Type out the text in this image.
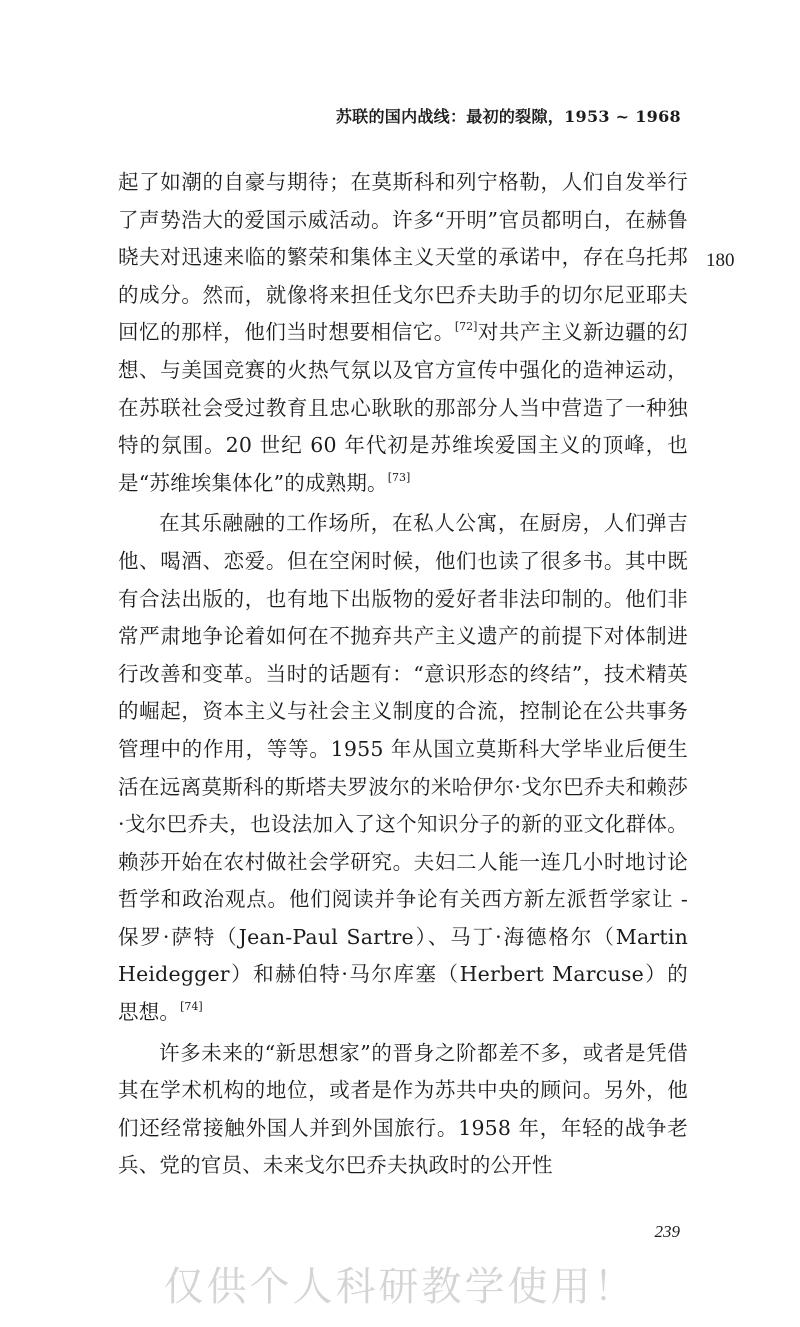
苏联的国内战线：最初的裂隙，1953 ~ 1968
180

起了如潮的自豪与期待；在莫斯科和列宁格勒，人们自发举行了声势浩大的爱国示威活动。许多“开明”官员都明白，在赫鲁晓夫对迅速来临的繁荣和集体主义天堂的承诺中，存在乌托邦的成分。然而，就像将来担任戈尔巴乔夫助手的切尔尼亚耶夫回忆的那样，他们当时想要相信它。[72]对共产主义新边疆的幻想、与美国竞赛的火热气氛以及官方宣传中强化的造神运动，在苏联社会受过教育且忠心耿耿的那部分人当中营造了一种独特的氛围。20 世纪 60 年代初是苏维埃爱国主义的顶峰，也是“苏维埃集体化”的成熟期。[73]

在其乐融融的工作场所，在私人公寓，在厨房，人们弹吉他、喝酒、恋爱。但在空闲时候，他们也读了很多书。其中既有合法出版的，也有地下出版物的爱好者非法印制的。他们非常严肃地争论着如何在不抛弃共产主义遗产的前提下对体制进行改善和变革。当时的话题有：“意识形态的终结”，技术精英的崛起，资本主义与社会主义制度的合流，控制论在公共事务管理中的作用，等等。1955 年从国立莫斯科大学毕业后便生活在远离莫斯科的斯塔夫罗波尔的米哈伊尔·戈尔巴乔夫和赖莎·戈尔巴乔夫，也设法加入了这个知识分子的新的亚文化群体。赖莎开始在农村做社会学研究。夫妇二人能一连几小时地讨论哲学和政治观点。他们阅读并争论有关西方新左派哲学家让 - 保罗·萨特（Jean-Paul Sartre）、马丁·海德格尔（Martin Heidegger）和赫伯特·马尔库塞（Herbert Marcuse）的思想。[74]

许多未来的“新思想家”的晋身之阶都差不多，或者是凭借其在学术机构的地位，或者是作为苏共中央的顾问。另外，他们还经常接触外国人并到外国旅行。1958 年，年轻的战争老兵、党的官员、未来戈尔巴乔夫执政时的公开性

239
仅供个人科研教学使用！
